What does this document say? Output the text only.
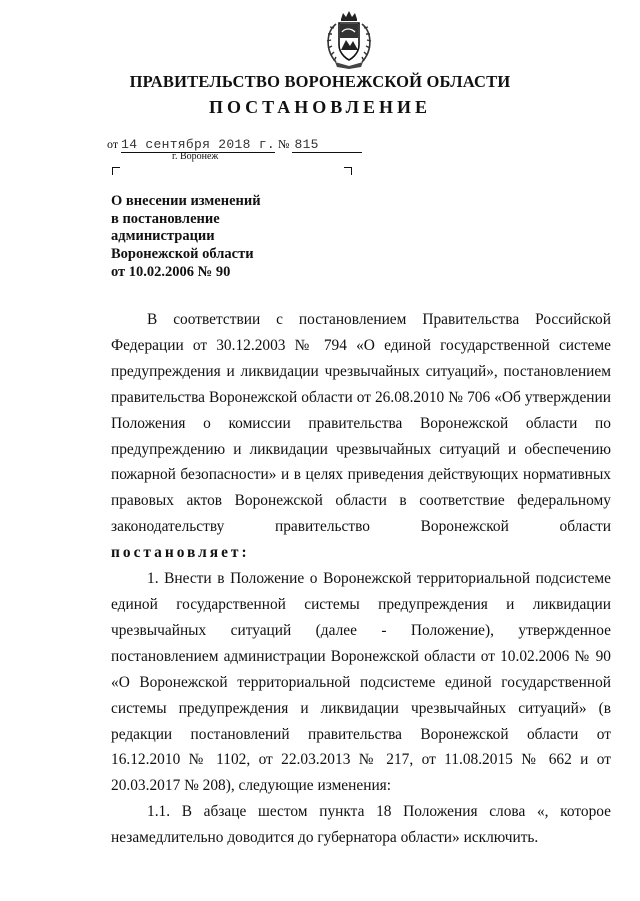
ПРАВИТЕЛЬСТВО ВОРОНЕЖСКОЙ ОБЛАСТИ
ПОСТАНОВЛЕНИЕ
от 14 сентября 2018 г. № 815
г. Воронеж
О внесении изменений
в постановление
администрации
Воронежской области
от 10.02.2006 № 90

В соответствии с постановлением Правительства Российской Федерации от 30.12.2003 № 794 «О единой государственной системе предупреждения и ликвидации чрезвычайных ситуаций», постановлением правительства Воронежской области от 26.08.2010 № 706 «Об утверждении Положения о комиссии правительства Воронежской области по предупреждению и ликвидации чрезвычайных ситуаций и обеспечению пожарной безопасности» и в целях приведения действующих нормативных правовых актов Воронежской области в соответствие федеральному законодательству правительство Воронежской области постановляет:

1. Внести в Положение о Воронежской территориальной подсистеме единой государственной системы предупреждения и ликвидации чрезвычайных ситуаций (далее - Положение), утвержденное постановлением администрации Воронежской области от 10.02.2006 № 90 «О Воронежской территориальной подсистеме единой государственной системы предупреждения и ликвидации чрезвычайных ситуаций» (в редакции постановлений правительства Воронежской области от 16.12.2010 № 1102, от 22.03.2013 № 217, от 11.08.2015 № 662 и от 20.03.2017 № 208), следующие изменения:

1.1. В абзаце шестом пункта 18 Положения слова «, которое незамедлительно доводится до губернатора области» исключить.
